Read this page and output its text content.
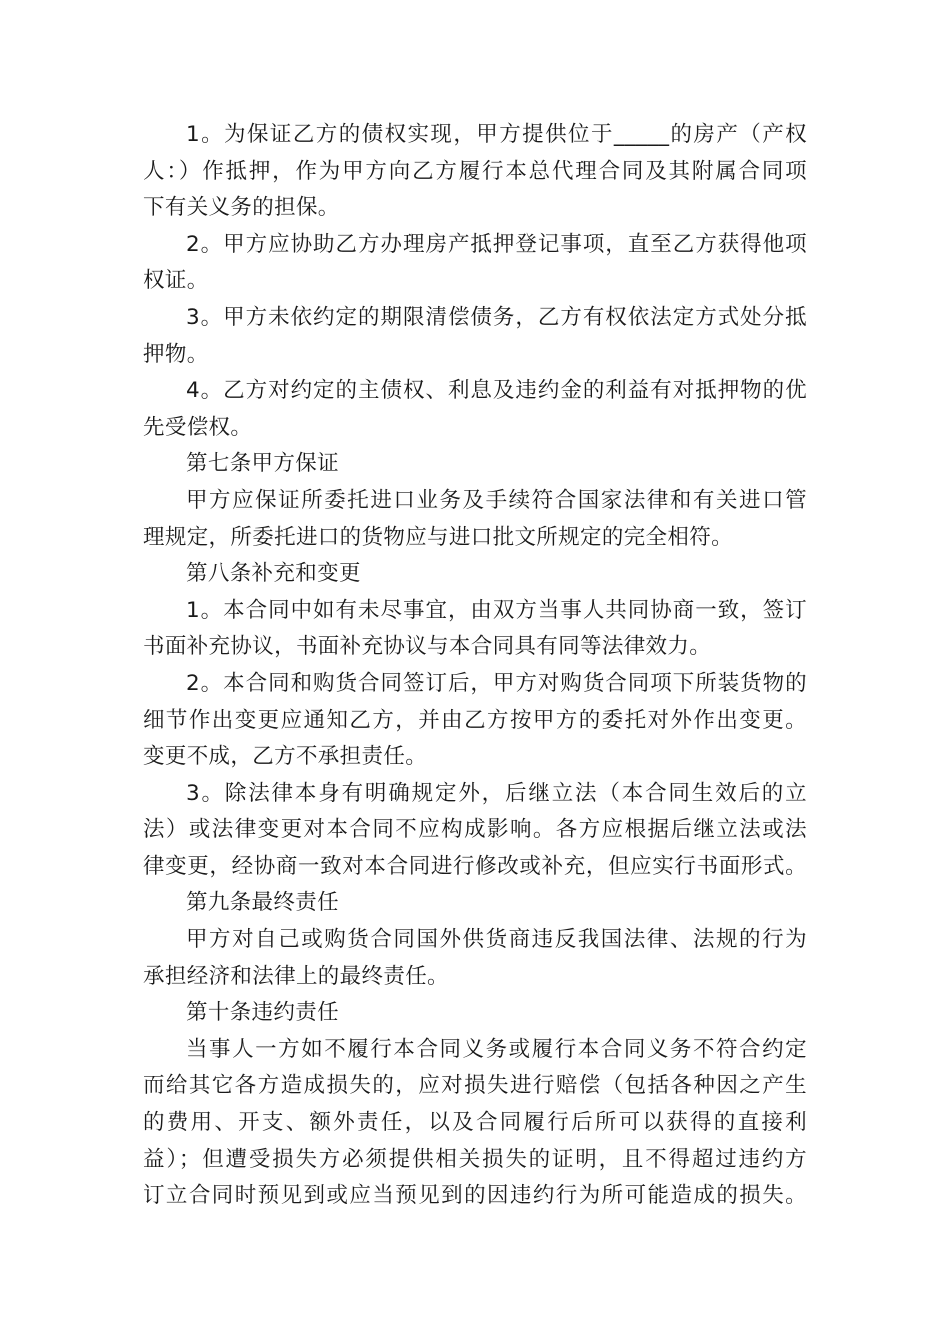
1。为保证乙方的债权实现，甲方提供位于_____的房产（产权
人：）作抵押，作为甲方向乙方履行本总代理合同及其附属合同项
下有关义务的担保。
2。甲方应协助乙方办理房产抵押登记事项，直至乙方获得他项
权证。
3。甲方未依约定的期限清偿债务，乙方有权依法定方式处分抵
押物。
4。乙方对约定的主债权、利息及违约金的利益有对抵押物的优
先受偿权。
第七条甲方保证
甲方应保证所委托进口业务及手续符合国家法律和有关进口管
理规定，所委托进口的货物应与进口批文所规定的完全相符。
第八条补充和变更
1。本合同中如有未尽事宜，由双方当事人共同协商一致，签订
书面补充协议，书面补充协议与本合同具有同等法律效力。
2。本合同和购货合同签订后，甲方对购货合同项下所装货物的
细节作出变更应通知乙方，并由乙方按甲方的委托对外作出变更。
变更不成，乙方不承担责任。
3。除法律本身有明确规定外，后继立法（本合同生效后的立
法）或法律变更对本合同不应构成影响。各方应根据后继立法或法
律变更，经协商一致对本合同进行修改或补充，但应实行书面形式。
第九条最终责任
甲方对自己或购货合同国外供货商违反我国法律、法规的行为
承担经济和法律上的最终责任。
第十条违约责任
当事人一方如不履行本合同义务或履行本合同义务不符合约定
而给其它各方造成损失的，应对损失进行赔偿（包括各种因之产生
的费用、开支、额外责任，以及合同履行后所可以获得的直接利
益）；但遭受损失方必须提供相关损失的证明，且不得超过违约方
订立合同时预见到或应当预见到的因违约行为所可能造成的损失。
